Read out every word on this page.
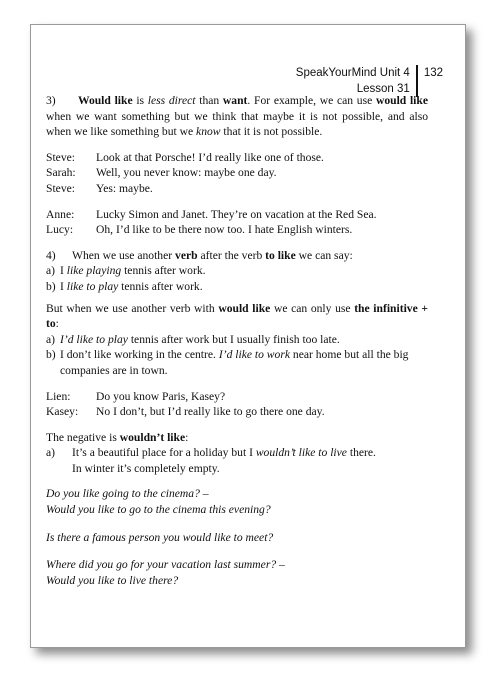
SpeakYourMind Unit 4
Lesson 31
132

3) Would like is less direct than want. For example, we can use would like when we want something but we think that maybe it is not possible, and also when we like something but we know that it is not possible.

Steve:	Look at that Porsche! I’d really like one of those.
Sarah:	Well, you never know: maybe one day.
Steve:	Yes: maybe.
Anne:	Lucky Simon and Janet. They’re on vacation at the Red Sea.
Lucy:	Oh, I’d like to be there now too. I hate English winters.
4)	When we use another verb after the verb to like we can say:
a) I like playing tennis after work.
b) I like to play tennis after work.

But when we use another verb with would like we can only use the infinitive + to:

a) I’d like to play tennis after work but I usually finish too late.
b) I don’t like working in the centre. I’d like to work near home but all the big companies are in town.
Lien:	Do you know Paris, Kasey?
Kasey:	No I don’t, but I’d really like to go there one day.

The negative is wouldn’t like:

a)	It’s a beautiful place for a holiday but I wouldn’t like to live there.
In winter it’s completely empty.
Do you like going to the cinema? –
Would you like to go to the cinema this evening?
Is there a famous person you would like to meet?
Where did you go for your vacation last summer? –
Would you like to live there?
